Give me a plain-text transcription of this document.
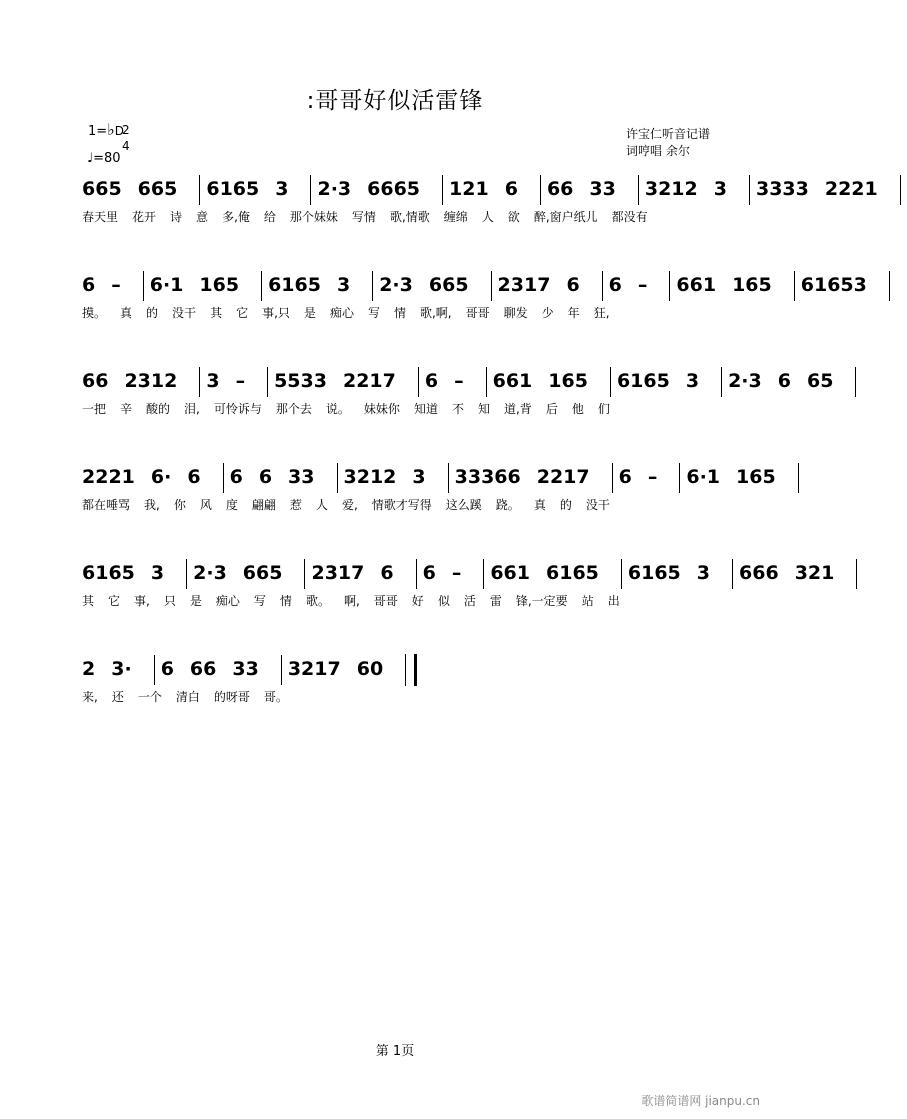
:哥哥好似活雷锋
1=♭D
2
4
♩=80
许宝仁听音记谱
词哼唱 余尔
665 665 6165 3 2·3 6665 121 6 66 33 3212 3 3333 2221
春天里 花开 诗 意 多,俺 给 那个妹妹 写情 歌,情歌 缠绵 人 欲 醉,窗户纸儿 都没有
6 – 6·1 165 6165 3 2·3 665 2317 6 6 – 661 165 61653
摸。 真 的 没干 其 它 事,只 是 痴心 写 情 歌,啊, 哥哥 聊发 少 年 狂,
66 2312 3 – 5533 2217 6 – 661 165 6165 3 2·3 6 65
一把 辛 酸的 泪, 可怜诉与 那个去 说。 妹妹你 知道 不 知 道,背 后 他 们
2221 6· 6 6 6 33 3212 3 33366 2217 6 – 6·1 165
都在唾骂 我, 你 风 度 翩翩 惹 人 爱, 情歌才写得 这么蹊 跷。 真 的 没干
6165 3 2·3 665 2317 6 6 – 661 6165 6165 3 666 321
其 它 事, 只 是 痴心 写 情 歌。 啊, 哥哥 好 似 活 雷 锋,一定要 站 出
2 3· 6 66 33 3217 60
来, 还 一个 清白 的呀哥 哥。
第 1页
歌谱简谱网 jianpu.cn
